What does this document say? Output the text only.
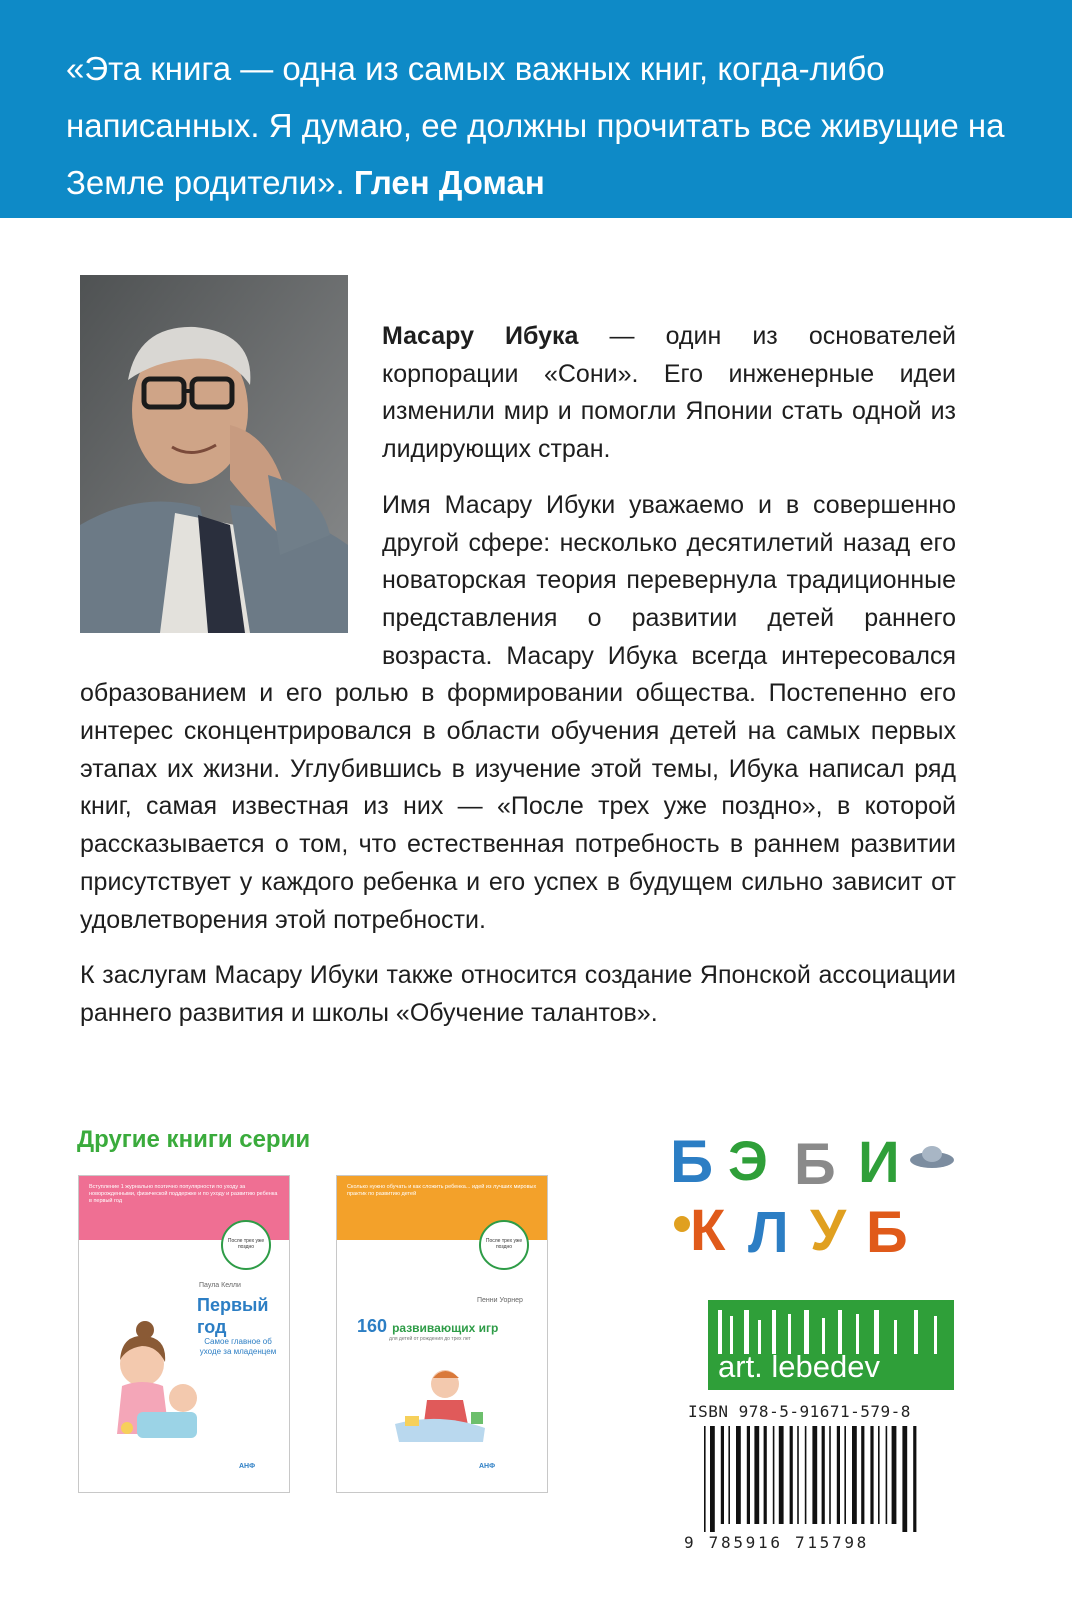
«Эта книга — одна из самых важных книг, когда-либо написанных. Я думаю, ее должны прочитать все живущие на Земле родители». Глен Доман

Масару Ибука — один из основателей корпорации «Сони». Его инженерные идеи изменили мир и помогли Японии стать одной из лидирующих стран.

Имя Масару Ибуки уважаемо и в совершенно другой сфере: несколько десятилетий назад его новаторская теория перевернула традиционные представления о развитии детей раннего возраста. Масару Ибука всегда интересовался образованием и его ролью в формировании общества. Постепенно его интерес сконцентрировался в области обучения детей на самых первых этапах их жизни. Углубившись в изучение этой темы, Ибука написал ряд книг, самая известная из них — «После трех уже поздно», в которой рассказывается о том, что естественная потребность в раннем развитии присутствует у каждого ребенка и его успех в будущем сильно зависит от удовлетворения этой потребности.

К заслугам Масару Ибуки также относится создание Японской ассоциации раннего развития и школы «Обучение талантов».

Другие книги серии

Вступление 1 журнально поэтично популярности по уходу за новорожденными, физической поддержке и по уходу и развитию ребенка в первый год
После трех уже поздно
Паула Келли
Первый год
Самое главное об уходе за младенцем
АНФ
Сколько нужно обучать и как сложить ребенка... идей из лучших мировых практик по развитию детей
После трех уже поздно
Пенни Уорнер
160 развивающих игр
для детей от рождения до трех лет
АНФ
Б Э Б И
К Л У Б
art. lebedev

ISBN 978-5-91671-579-8

9 785916 715798
